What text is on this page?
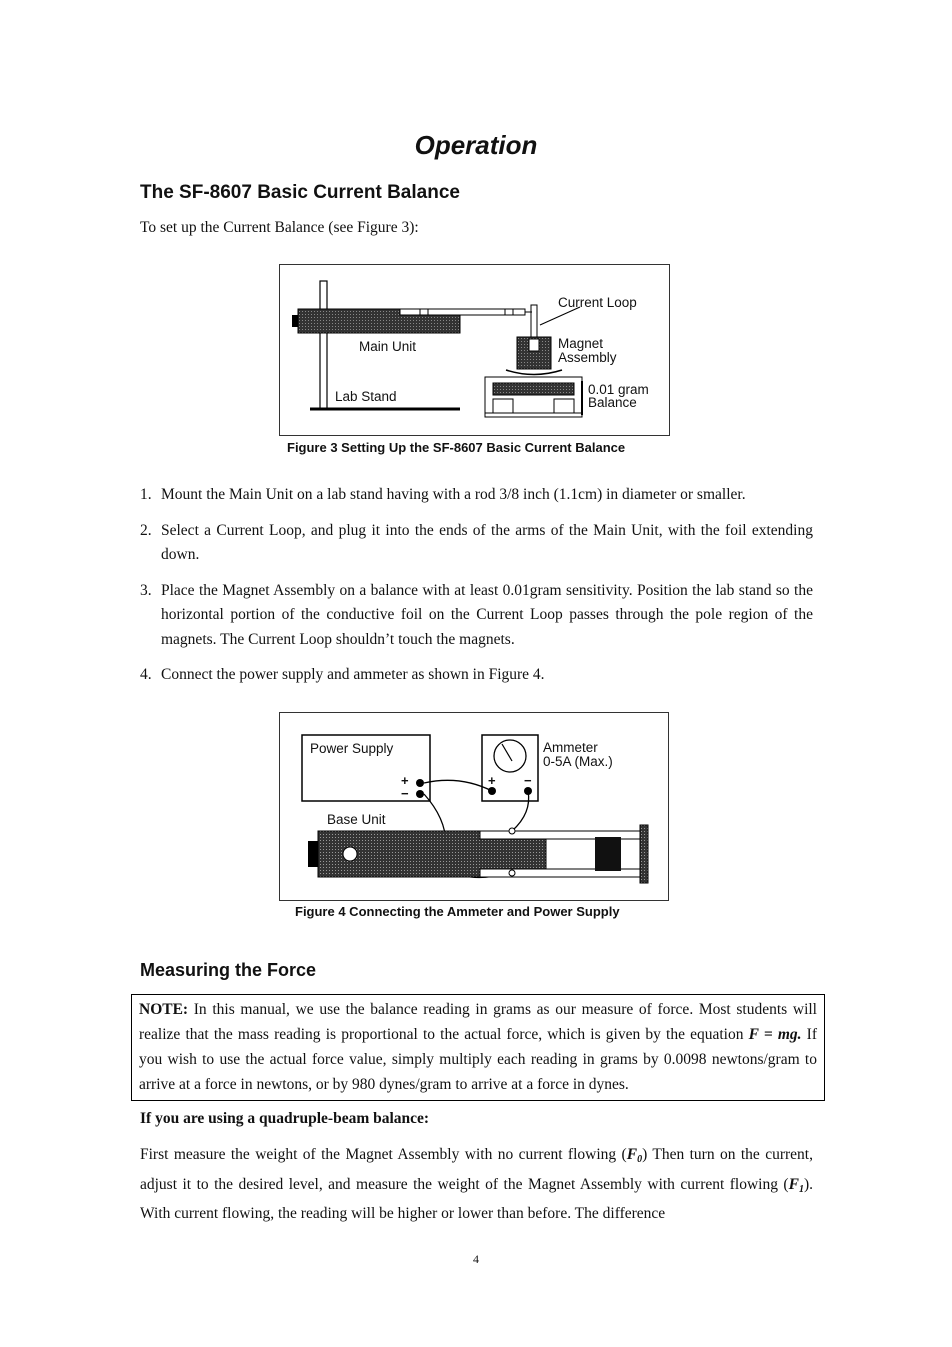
Operation
The SF-8607 Basic Current Balance
To set up the Current Balance (see Figure 3):
Current Loop
Main Unit	Magnet
Assembly
Lab Stand	0.01 gram
Balance
Figure 3 Setting Up the SF-8607 Basic Current Balance
1. Mount the Main Unit on a lab stand having with a rod 3/8 inch (1.1cm) in diameter or smaller.
2. Select a Current Loop, and plug it into the ends of the arms of the Main Unit, with the foil extending down.
3. Place the Magnet Assembly on a balance with at least 0.01gram sensitivity. Position the lab stand so the horizontal portion of the conductive foil on the Current Loop passes through the pole region of the magnets. The Current Loop shouldn’t touch the magnets.
4. Connect the power supply and ammeter as shown in Figure 4.
Power Supply	Ammeter
0-5A (Max.)
+
−
+ −
Base Unit
Figure 4 Connecting the Ammeter and Power Supply
Measuring the Force
NOTE: In this manual, we use the balance reading in grams as our measure of force. Most students will realize that the mass reading is proportional to the actual force, which is given by the equation F = mg. If you wish to use the actual force value, simply multiply each reading in grams by 0.0098 newtons/gram to arrive at a force in newtons, or by 980 dynes/gram to arrive at a force in dynes.
If you are using a quadruple-beam balance:
First measure the weight of the Magnet Assembly with no current flowing $(F_0)$ Then turn on the current, adjust it to the desired level, and measure the weight of the Magnet Assembly with current flowing $(F_1)$. With current flowing, the reading will be higher or lower than before. The difference
4
